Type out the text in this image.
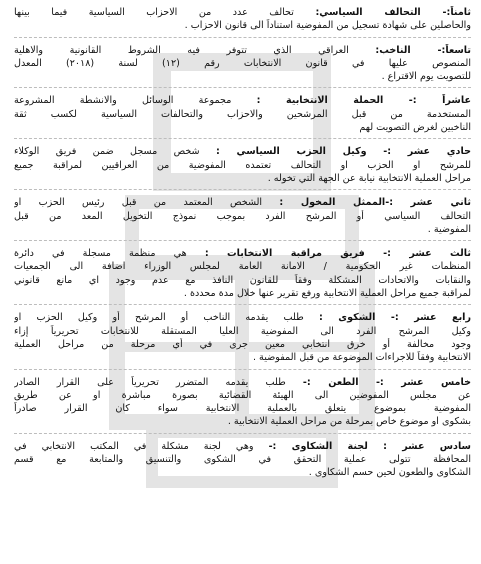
ثامناً:- التحالف السياسي: تحالف عدد من الاحزاب السياسية فيما بينها
والحاصلين على شهادة تسجيل من المفوضية استناداً الى قانون الاحزاب .
تاسعاً:- الناخب: العراقي الذي تتوفر فيه الشروط القانونية والاهلية
المنصوص عليها في قانون الانتخابات رقم (١٢) لسنة (٢٠١٨) المعدل
للتصويت يوم الاقتراع .
عاشراً :- الحملة الانتخابية : مجموعة الوسائل والانشطة المشروعة
المستخدمة من قبل المرشحين والاحزاب والتحالفات السياسية لكسب ثقة
الناخبين لغرض التصويت لهم
حادي عشر :- وكيل الحزب السياسي : شخص مسجل ضمن فريق الوكلاء
للمرشح او الحزب او التحالف تعتمده المفوضية من العراقيين لمراقبة جميع
مراحل العملية الانتخابية نيابة عن الجهة التي تخوله .
ثاني عشر :-الممثل المخول : الشخص المعتمد من قبل رئيس الحزب او
التحالف السياسي أو المرشح الفرد بموجب نموذج التخويل المعد من قبل
المفوضية .
ثالث عشر :- فريق مراقبة الانتخابات : هي منظمة مسجلة في دائرة
المنظمات غير الحكومية / الامانة العامة لمجلس الوزراء اضافة الى الجمعيات
والنقابات والاتحادات المشكلة وفقاً للقانون النافذ مع عدم وجود اي مانع قانوني
لمراقبة جميع مراحل العملية الانتخابية ورفع تقرير عنها خلال مدة محددة .
رابع عشر :- الشكوى : طلب يقدمه الناخب أو المرشح أو وكيل الحزب او
وكيل المرشح الفرد الى المفوضية العليا المستقلة للانتخابات تحريرياً إزاء
وجود مخالفة أو خرق انتخابي معين جرى في أي مرحلة من مراحل العملية
الانتخابية وفقاً للاجراءات الموضوعة من قبل المفوضية .
خامس عشر :- الطعن :- طلب يقدمه المتضرر تحريرياً على القرار الصادر
عن مجلس المفوضين الى الهيئة القضائية بصورة مباشرة او عن طريق
المفوضية بموضوع يتعلق بالعملية الانتخابية سواء كان القرار صادراً
بشكوى او موضوع خاص بمرحلة من مراحل العملية الانتخابية .
سادس عشر : لجنة الشكاوى :- وهي لجنة مشكلة في المكتب الانتخابي في
المحافظة تتولى عملية التحقق في الشكوى والتنسيق والمتابعة مع قسم
الشكاوى والطعون لحين حسم الشكاوى .
